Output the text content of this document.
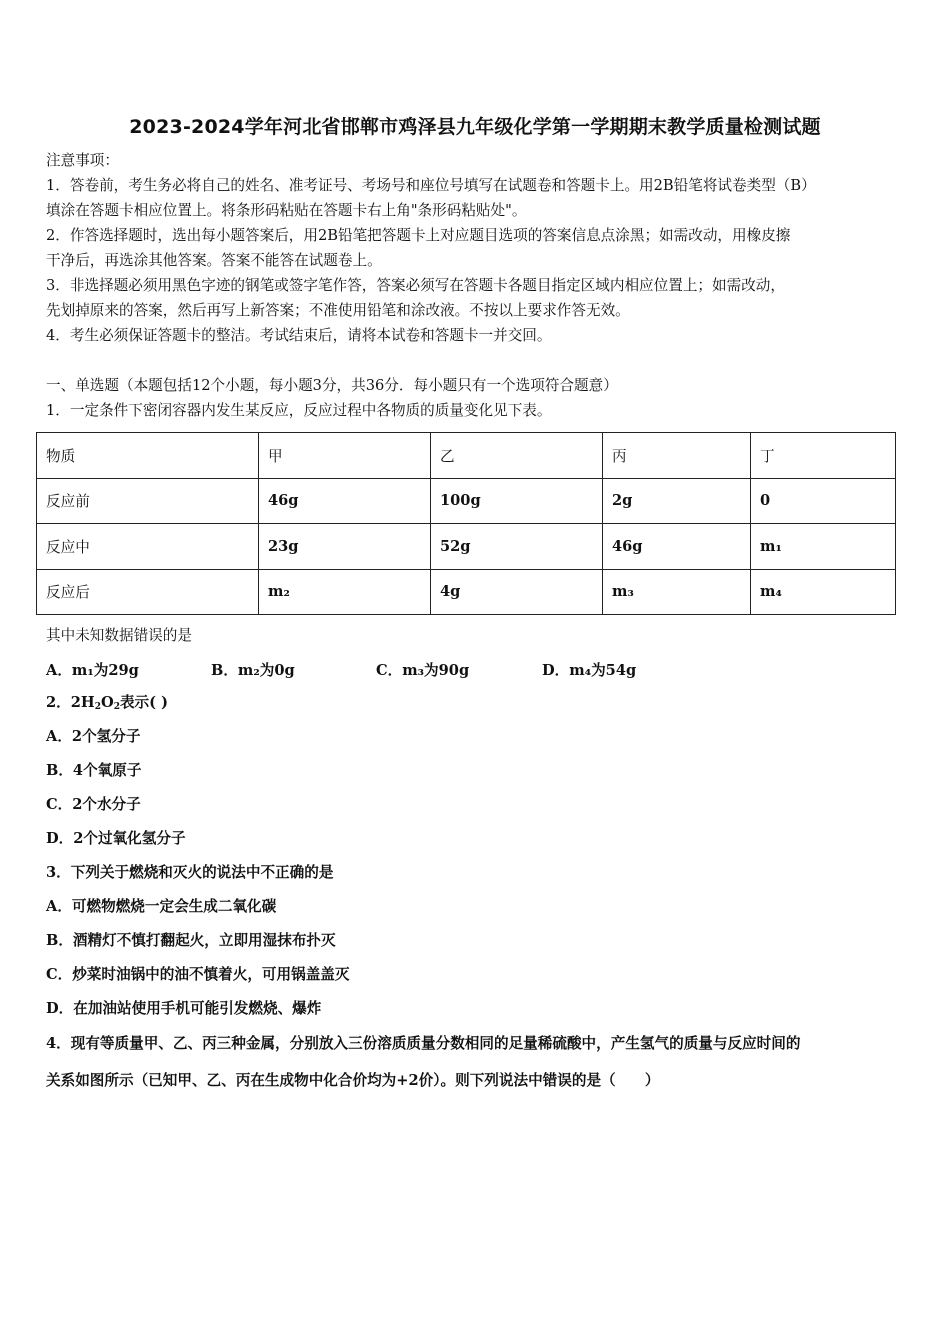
2023-2024学年河北省邯郸市鸡泽县九年级化学第一学期期末教学质量检测试题
注意事项：
1．答卷前，考生务必将自己的姓名、准考证号、考场号和座位号填写在试题卷和答题卡上。用2B铅笔将试卷类型（B）
填涂在答题卡相应位置上。将条形码粘贴在答题卡右上角"条形码粘贴处"。
2．作答选择题时，选出每小题答案后，用2B铅笔把答题卡上对应题目选项的答案信息点涂黑；如需改动，用橡皮擦
干净后，再选涂其他答案。答案不能答在试题卷上。
3．非选择题必须用黑色字迹的钢笔或签字笔作答，答案必须写在答题卡各题目指定区域内相应位置上；如需改动，
先划掉原来的答案，然后再写上新答案；不准使用铅笔和涂改液。不按以上要求作答无效。
4．考生必须保证答题卡的整洁。考试结束后，请将本试卷和答题卡一并交回。
一、单选题（本题包括12个小题，每小题3分，共36分．每小题只有一个选项符合题意）
1．一定条件下密闭容器内发生某反应，反应过程中各物质的质量变化见下表。
物质	甲	乙	丙	丁
反应前	46g	100g	2g	0
反应中	23g	52g	46g	m₁
反应后	m₂	4g	m₃	m₄
其中未知数据错误的是
A．m₁为29g	B．m₂为0g	C．m₃为90g	D．m₄为54g
2．$2H_2O_2$表示( )
A．2个氢分子
B．4个氧原子
C．2个水分子
D．2个过氧化氢分子
3．下列关于燃烧和灭火的说法中不正确的是
A．可燃物燃烧一定会生成二氧化碳
B．酒精灯不慎打翻起火，立即用湿抹布扑灭
C．炒菜时油锅中的油不慎着火，可用锅盖盖灭
D．在加油站使用手机可能引发燃烧、爆炸
4．现有等质量甲、乙、丙三种金属，分别放入三份溶质质量分数相同的足量稀硫酸中，产生氢气的质量与反应时间的
关系如图所示（已知甲、乙、丙在生成物中化合价均为+2价）。则下列说法中错误的是（　　）
